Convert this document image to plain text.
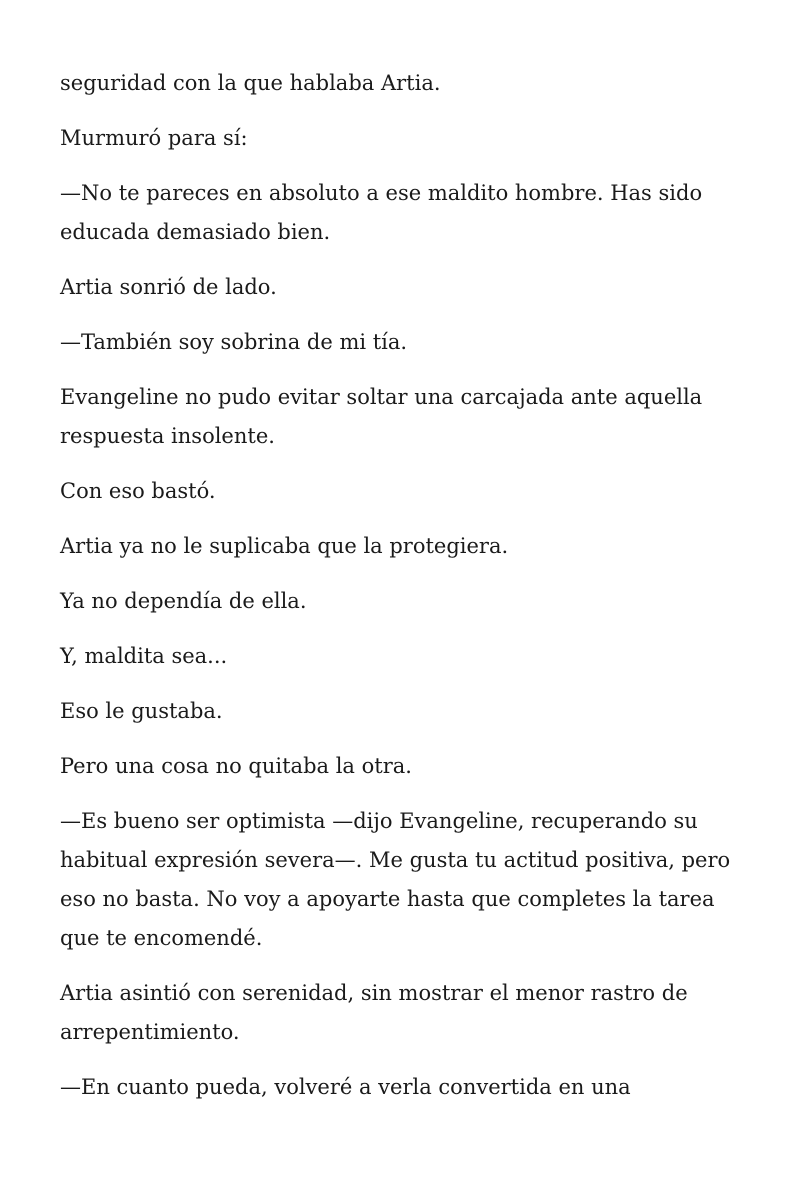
seguridad con la que hablaba Artia.

Murmuró para sí:

—No te pareces en absoluto a ese maldito hombre. Has sido educada demasiado bien.

Artia sonrió de lado.

—También soy sobrina de mi tía.

Evangeline no pudo evitar soltar una carcajada ante aquella respuesta insolente.

Con eso bastó.

Artia ya no le suplicaba que la protegiera.

Ya no dependía de ella.

Y, maldita sea...

Eso le gustaba.

Pero una cosa no quitaba la otra.

—Es bueno ser optimista —dijo Evangeline, recuperando su habitual expresión severa—. Me gusta tu actitud positiva, pero eso no basta. No voy a apoyarte hasta que completes la tarea que te encomendé.

Artia asintió con serenidad, sin mostrar el menor rastro de arrepentimiento.

—En cuanto pueda, volveré a verla convertida en una
